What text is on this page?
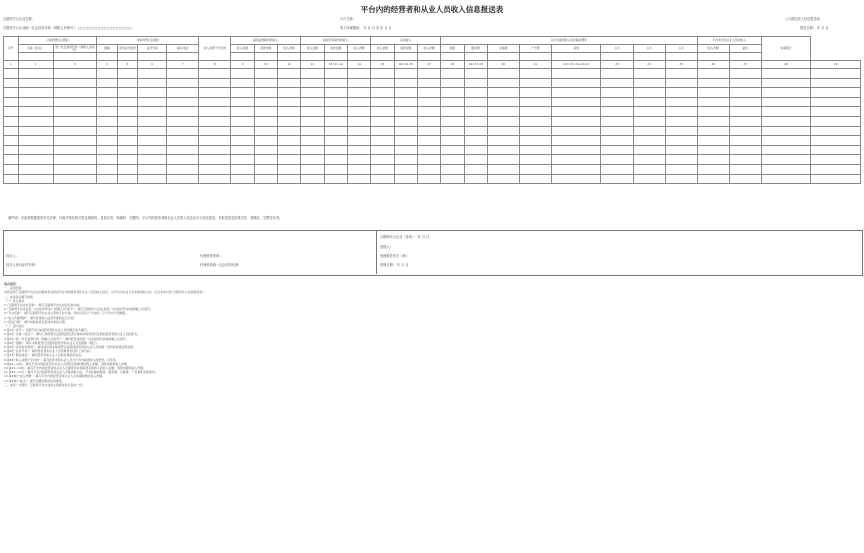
平台内的经营者和从业人员收入信息报送表
互联网平台企业名称：	平台名称：	□当期无收入信息报送表
互联网平台企业统一社会信用代码（纳税人识别号）：□□□□□□□□□□□□□□□□□□	收入所属期间： 年 月 日 至 年 月 日	报送日期： 年 月 日
序号	已取得登记证照的		未取得登记证照的				收入来源于平台的	销售货物取得的收入			提供劳务取得的收入			其他收入			从平台取得收入所扣除的费用								平台支付给从业人员的收入		本期累计	
	名称（姓名）	统一社会信用代码（纳税人识别号）	国籍	身份证件类型	证件号码	联系电话		收入金额	退款金额	收入净额	收入金额	退款金额	收入净额	收入金额	退款金额	收入净额	佣金	服务费	运输费	广告费	其他	小计	小计	小计	收入净额	备注		

1	2	3	4	5	6	7	8	9	10	11	12	13=11-12	14	15	16=14-15	17	18	19=17-18	20	21	22=13+16+19-21	23	24	25	26	27	28	29

谨声明：本表是根据国家有关法律、行政法规及相关规定填报的，是真实的、准确的、完整的。平台内的经营者和从业人员收入信息由平台如实报送，对报送信息的真实性、准确性、完整性负责。
互联网平台企业（签章）： 年 月 日
经办人：
经办人身份证件号码：
代理机构签章：
代理机构统一社会信用代码：
受理人：
受理税务机关（章）：
受理日期： 年 月 日
填表说明：
一、适用范围
本表适用于互联网平台企业向税务机关报送平台内的经营者和从业人员的收入信息，对平台内从业人员未取得收入的，应在本表勾选“当期无收入信息报送表”。
二、本表各栏填写说明
（一）表头项目
1.“互联网平台企业名称”：填写互联网平台企业的名称全称。
2.“互联网平台企业统一社会信用代码（纳税人识别号）”：填写互联网平台企业的统一社会信用代码或纳税人识别号。
3.“平台名称”：填写互联网平台企业运营的平台名称，同时运营多个平台的，应分平台分别填报。
4.“收入所属期间”：填写报送收入信息所属的起止日期。
5.“报送日期”：填写向税务机关报送本表的日期。
（二）表内各栏
1.第1栏“序号”：按照平台内的经营者和从业人员的顺序依次填写。
2.第2栏“名称（姓名）”：填写已取得登记证照的经营者名称或未取得登记证照的经营者和从业人员的姓名。
3.第3栏“统一社会信用代码（纳税人识别号）”：填写经营者的统一社会信用代码或纳税人识别号。
4.第4栏“国籍”：填写未取得登记证照的经营者和从业人员的国籍（地区）。
5.第5栏“身份证件类型”：填写能识别未取得登记证照的经营者和从业人员的唯一身份的有效证照名称。
6.第6栏“证件号码”：填写经营者和从业人员有效身份证件上的号码。
7.第7栏“联系电话”：填写经营者和从业人员的有效联系电话。
8.第8栏“收入来源于平台的”：填写经营者和从业人员在平台内取得收入的类型，可多选。
9.第10—12栏：填写平台内的经营者和从业人员销售货物取得的收入金额、退款金额和收入净额。
10.第13—19栏：填写平台内的经营者和从业人员提供劳务和取得其他收入的收入金额、退款金额和收入净额。
11.第20—27栏：填写平台内的经营者和从业人员取得收入时，平台扣除的佣金、服务费、运输费、广告费和其他费用。
12.第28栏“收入净额”：填写平台内的经营者和从业人员本期取得的收入净额。
13.第29栏“备注”：填写需要说明的其他事项。
三、本表一式两份，互联网平台企业和主管税务机关各执一份。
